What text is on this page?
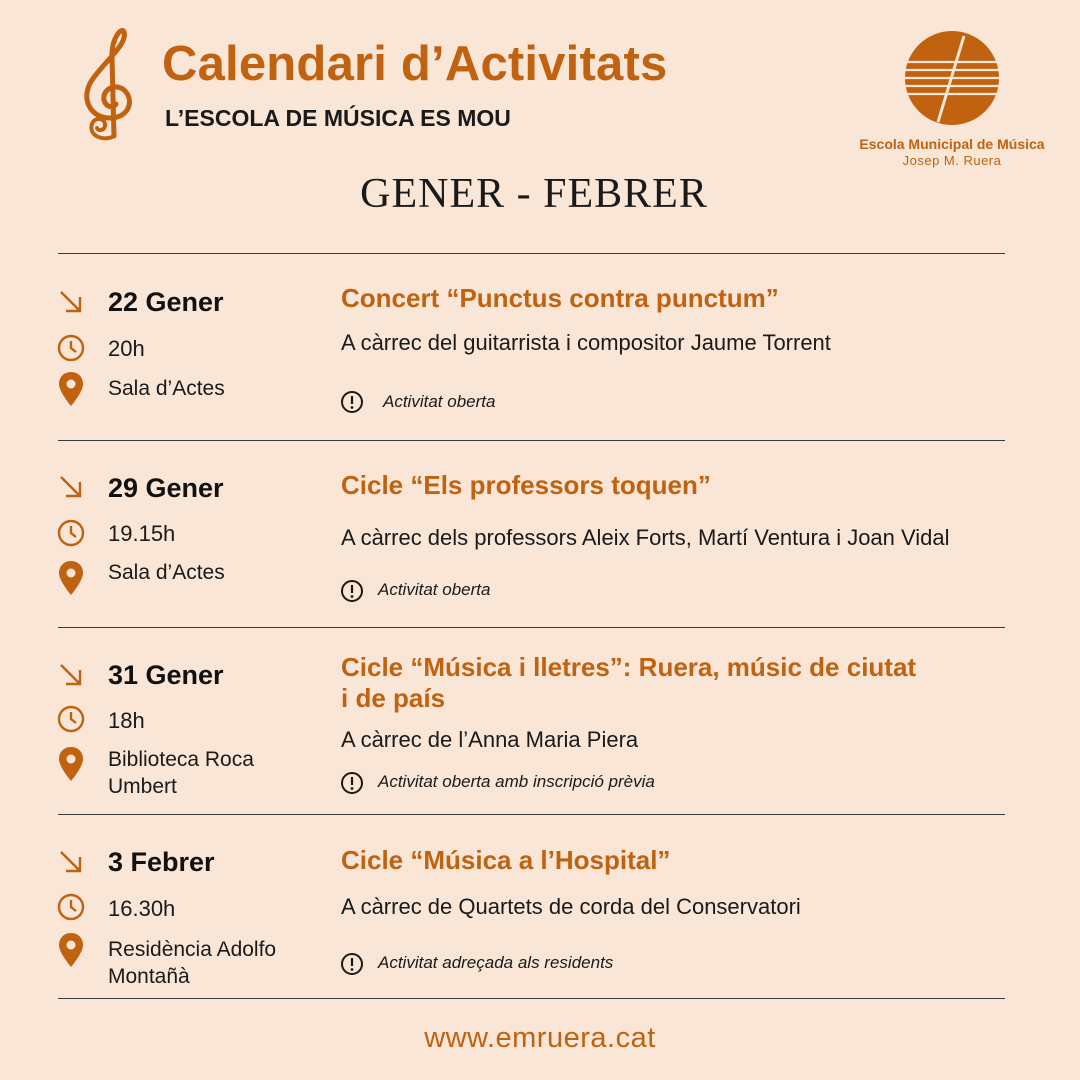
Calendari d’Activitats
L’ESCOLA DE MÚSICA ES MOU
Escola Municipal de Música
Josep M. Ruera
GENER - FEBRER
22 Gener
20h
Sala d’Actes
Concert “Punctus contra punctum”
A càrrec del guitarrista i compositor Jaume Torrent
Activitat oberta
29 Gener
19.15h
Sala d’Actes
Cicle “Els professors toquen”
A càrrec dels professors Aleix Forts, Martí Ventura i Joan Vidal
Activitat oberta
31 Gener
18h
Biblioteca Roca Umbert
Cicle “Música i lletres”: Ruera, músic de ciutat i de país
A càrrec de l’Anna Maria Piera
Activitat oberta amb inscripció prèvia
3 Febrer
16.30h
Residència Adolfo Montañà
Cicle “Música a l’Hospital”
A càrrec de Quartets de corda del Conservatori
Activitat adreçada als residents
www.emruera.cat
